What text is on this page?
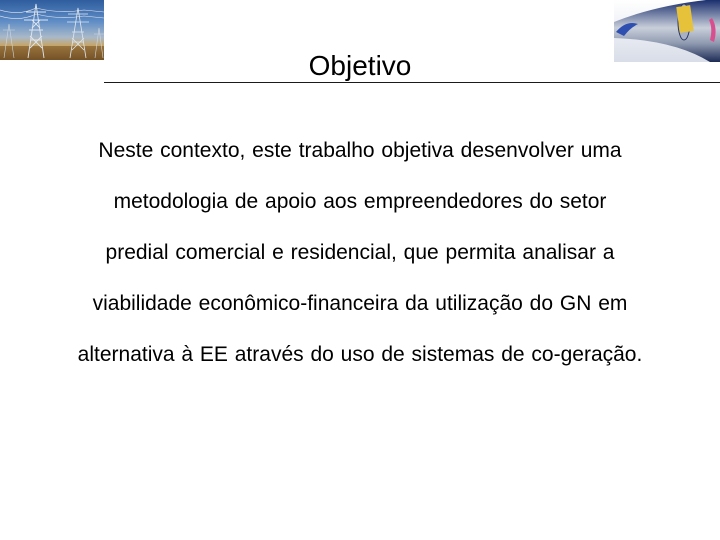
Objetivo
Neste contexto, este trabalho objetiva desenvolver uma
metodologia de apoio aos empreendedores do setor
predial comercial e residencial, que permita analisar a
viabilidade econômico-financeira da utilização do GN em
alternativa à EE através do uso de sistemas de co-geração.
